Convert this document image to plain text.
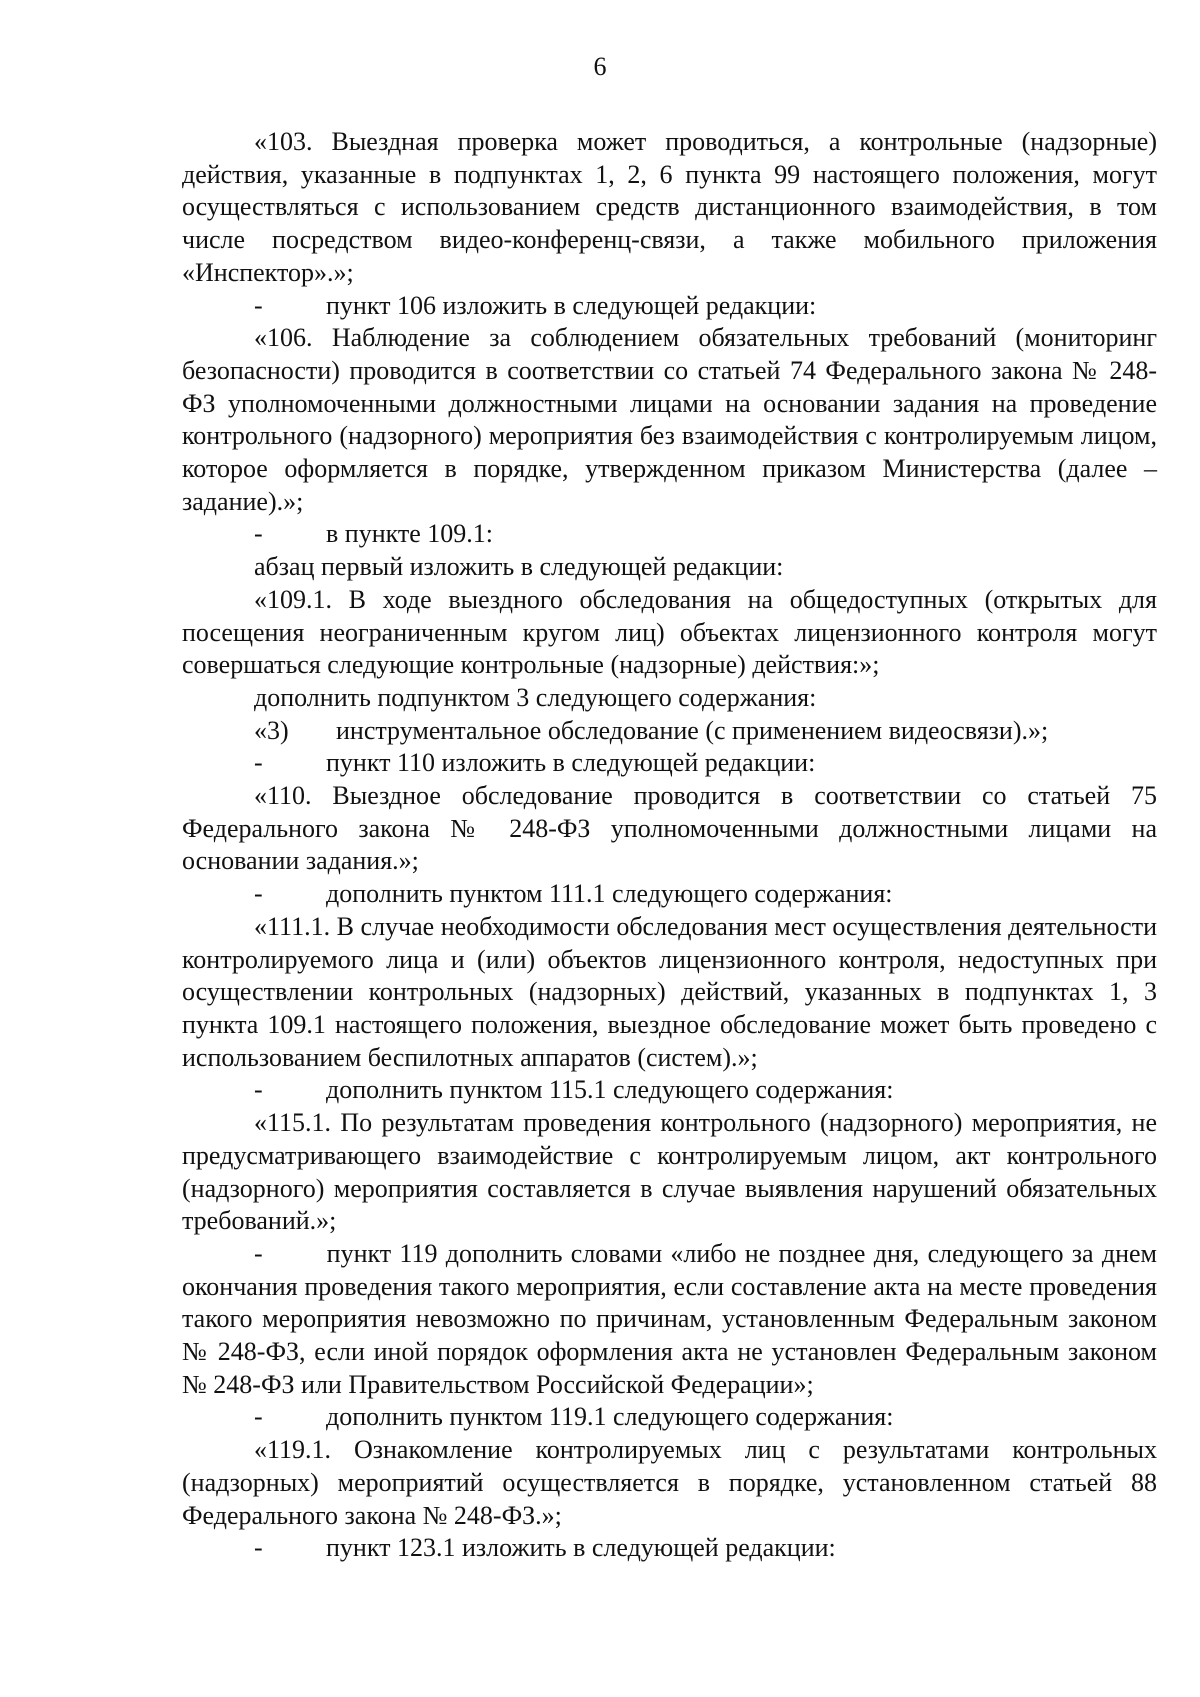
6

«103. Выездная проверка может проводиться, а контрольные (надзорные) действия, указанные в подпунктах 1, 2, 6 пункта 99 настоящего положения, могут осуществляться с использованием средств дистанционного взаимодействия, в том числе посредством видео-конференц-связи, а также мобильного приложения «Инспектор».»;

-	пункт 106 изложить в следующей редакции:

«106. Наблюдение за соблюдением обязательных требований (мониторинг безопасности) проводится в соответствии со статьей 74 Федерального закона № 248-ФЗ уполномоченными должностными лицами на основании задания на проведение контрольного (надзорного) мероприятия без взаимодействия с контролируемым лицом, которое оформляется в порядке, утвержденном приказом Министерства (далее – задание).»;

-	в пункте 109.1:

абзац первый изложить в следующей редакции:

«109.1. В ходе выездного обследования на общедоступных (открытых для посещения неограниченным кругом лиц) объектах лицензионного контроля могут совершаться следующие контрольные (надзорные) действия:»;

дополнить подпунктом 3 следующего содержания:

«3)	инструментальное обследование (с применением видеосвязи).»;

-	пункт 110 изложить в следующей редакции:

«110. Выездное обследование проводится в соответствии со статьей 75 Федерального закона № 248-ФЗ уполномоченными должностными лицами на основании задания.»;

-	дополнить пунктом 111.1 следующего содержания:

«111.1. В случае необходимости обследования мест осуществления деятельности контролируемого лица и (или) объектов лицензионного контроля, недоступных при осуществлении контрольных (надзорных) действий, указанных в подпунктах 1, 3 пункта 109.1 настоящего положения, выездное обследование может быть проведено с использованием беспилотных аппаратов (систем).»;

-	дополнить пунктом 115.1 следующего содержания:

«115.1. По результатам проведения контрольного (надзорного) мероприятия, не предусматривающего взаимодействие с контролируемым лицом, акт контрольного (надзорного) мероприятия составляется в случае выявления нарушений обязательных требований.»;

- пункт 119 дополнить словами «либо не позднее дня, следующего за днем окончания проведения такого мероприятия, если составление акта на месте проведения такого мероприятия невозможно по причинам, установленным Федеральным законом № 248-ФЗ, если иной порядок оформления акта не установлен Федеральным законом № 248-ФЗ или Правительством Российской Федерации»;

-	дополнить пунктом 119.1 следующего содержания:

«119.1. Ознакомление контролируемых лиц с результатами контрольных (надзорных) мероприятий осуществляется в порядке, установленном статьей 88 Федерального закона № 248-ФЗ.»;

-	пункт 123.1 изложить в следующей редакции:
